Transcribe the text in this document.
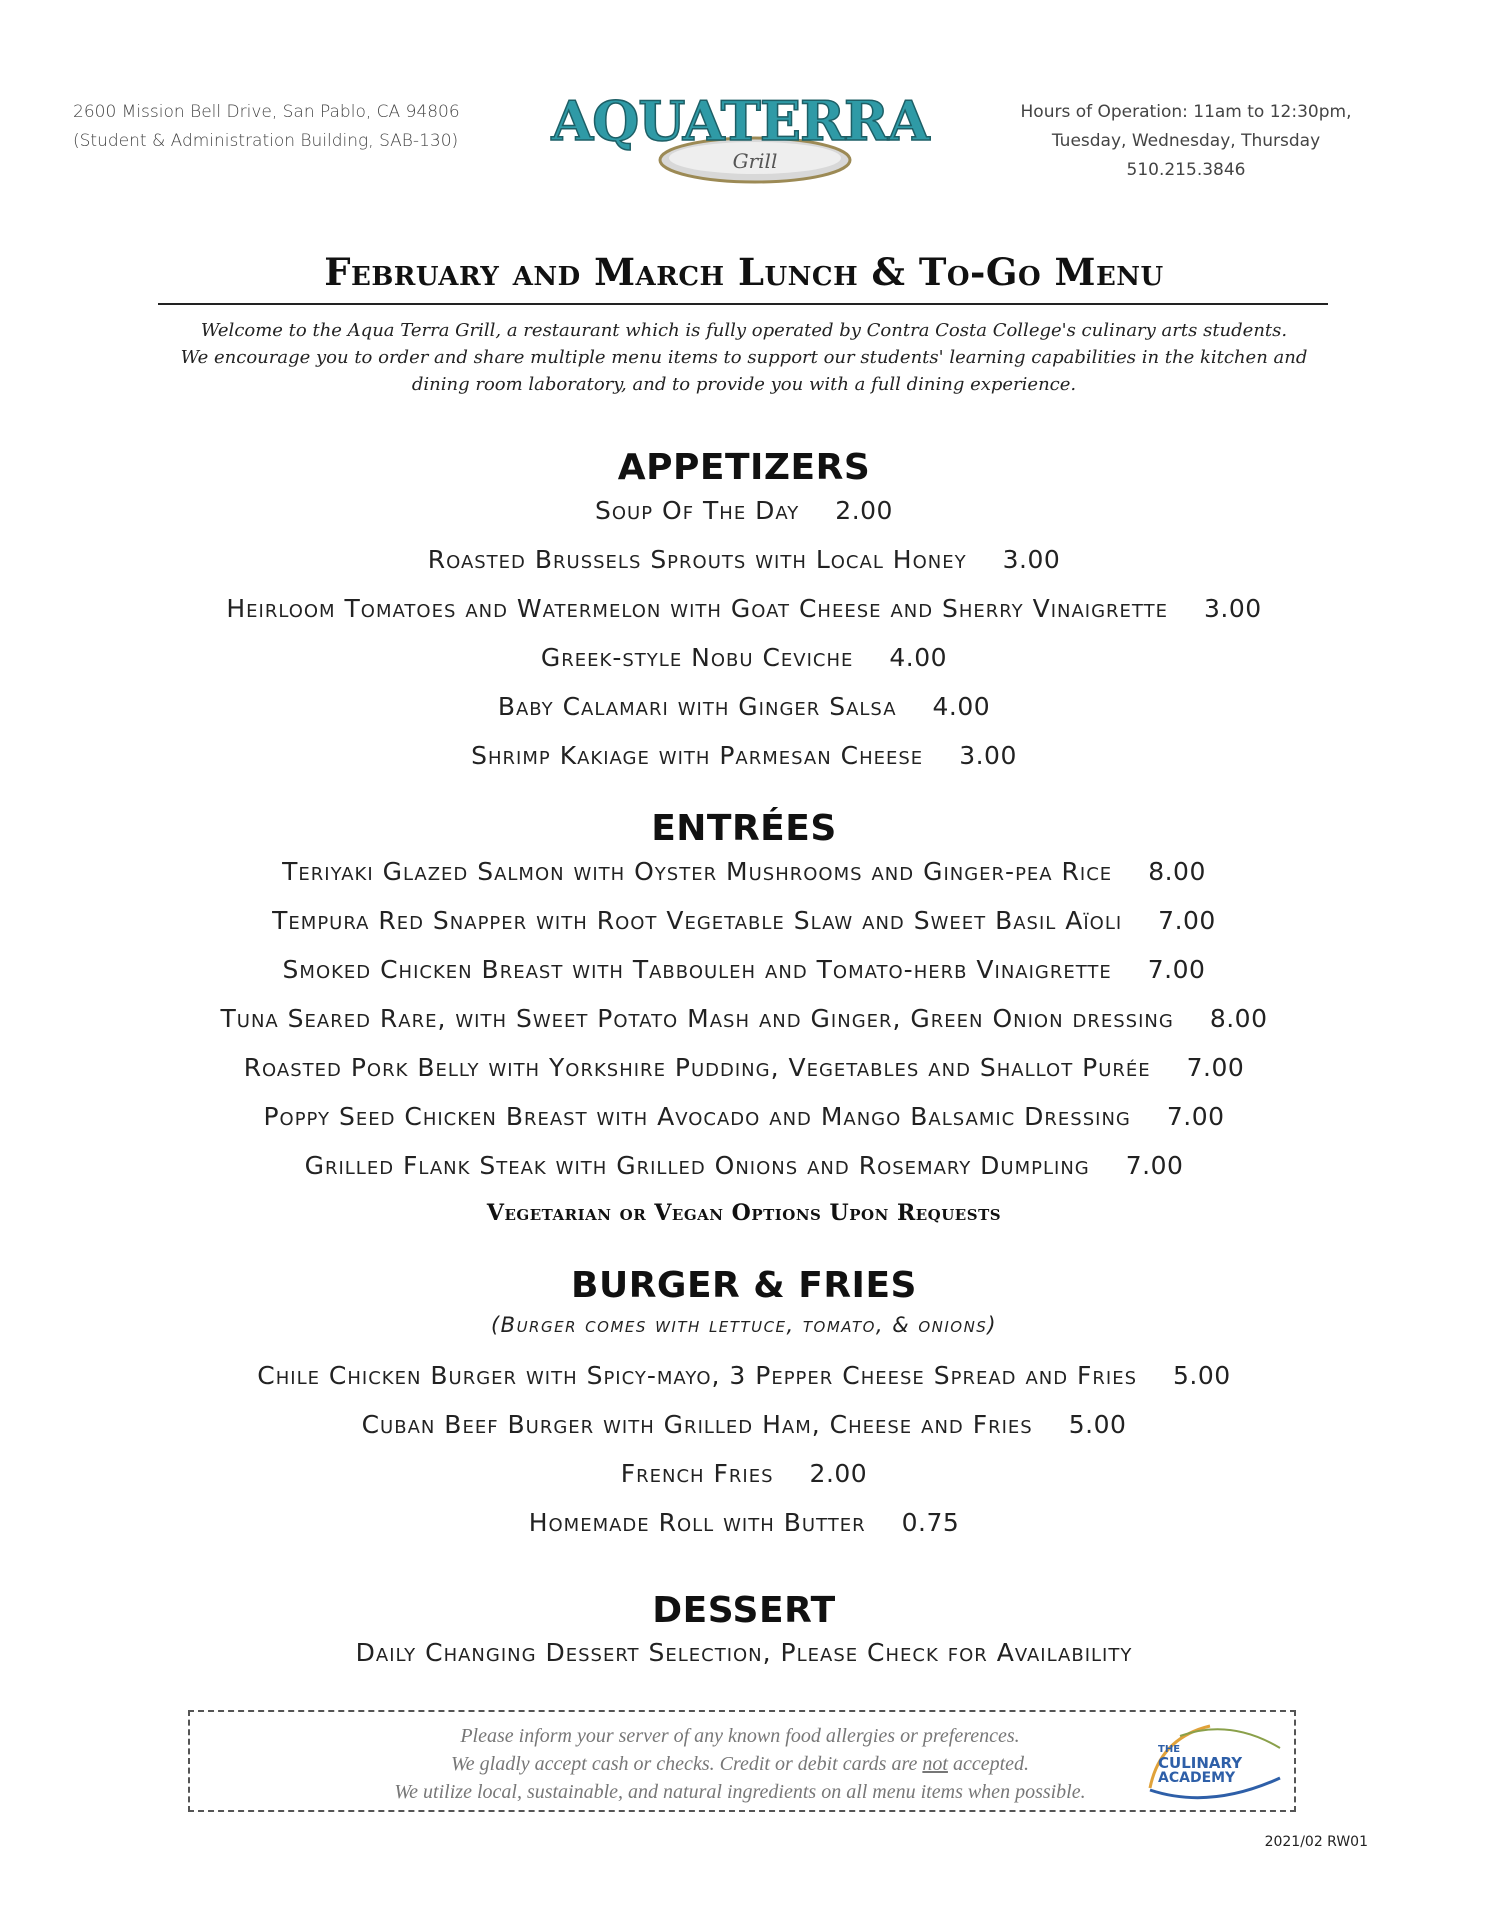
2600 Mission Bell Drive, San Pablo, CA 94806
(Student & Administration Building, SAB-130)	AQUATERRA
Grill
Hours of Operation: 11am to 12:30pm,
Tuesday, Wednesday, Thursday
510.215.3846
February and March Lunch & To-Go Menu
Welcome to the Aqua Terra Grill, a restaurant which is fully operated by Contra Costa College's culinary arts students.
We encourage you to order and share multiple menu items to support our students' learning capabilities in the kitchen and
dining room laboratory, and to provide you with a full dining experience.
APPETIZERS
Soup Of The Day 2.00
Roasted Brussels Sprouts with Local Honey 3.00
Heirloom Tomatoes and Watermelon with Goat Cheese and Sherry Vinaigrette 3.00
Greek-style Nobu Ceviche 4.00
Baby Calamari with Ginger Salsa 4.00
Shrimp Kakiage with Parmesan Cheese 3.00
ENTRÉES
Teriyaki Glazed Salmon with Oyster Mushrooms and Ginger-pea Rice 8.00
Tempura Red Snapper with Root Vegetable Slaw and Sweet Basil Aïoli 7.00
Smoked Chicken Breast with Tabbouleh and Tomato-herb Vinaigrette 7.00
Tuna Seared Rare, with Sweet Potato Mash and Ginger, Green Onion dressing 8.00
Roasted Pork Belly with Yorkshire Pudding, Vegetables and Shallot Purée 7.00
Poppy Seed Chicken Breast with Avocado and Mango Balsamic Dressing 7.00
Grilled Flank Steak with Grilled Onions and Rosemary Dumpling 7.00
Vegetarian or Vegan Options Upon Requests
BURGER & FRIES
(Burger comes with lettuce, tomato, & onions)
Chile Chicken Burger with Spicy-mayo, 3 Pepper Cheese Spread and Fries 5.00
Cuban Beef Burger with Grilled Ham, Cheese and Fries 5.00
French Fries 2.00
Homemade Roll with Butter 0.75
DESSERT
Daily Changing Dessert Selection, Please Check for Availability
Please inform your server of any known food allergies or preferences.
We gladly accept cash or checks. Credit or debit cards are not accepted.
We utilize local, sustainable, and natural ingredients on all menu items when possible.
THE
CULINARY
ACADEMY
2021/02 RW01
